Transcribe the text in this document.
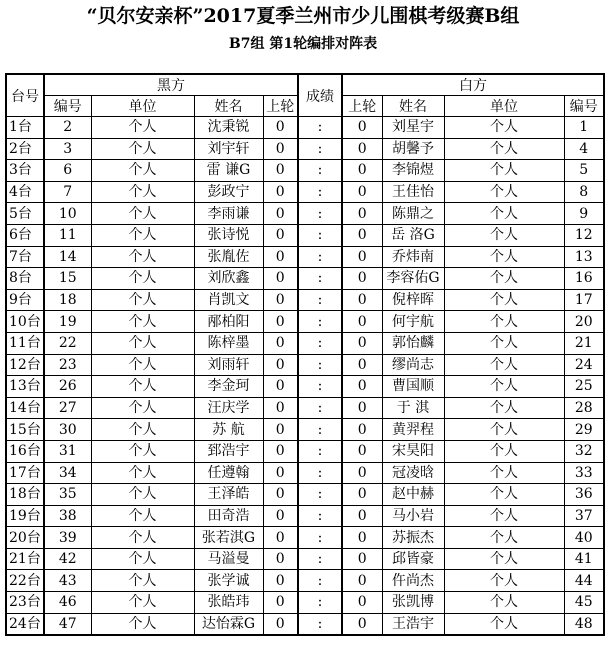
“贝尔安亲杯”2017夏季兰州市少儿围棋考级赛B组
B7组 第1轮编排对阵表
台号	黑方				成绩	白方			
	编号	单位	姓名	上轮		上轮	姓名	单位	编号
1台	2	个人	沈秉锐	0	:	0	刘星宇	个人	1
2台	3	个人	刘宇轩	0	:	0	胡馨予	个人	4
3台	6	个人	雷 谦G	0	:	0	李锦煜	个人	5
4台	7	个人	彭政宁	0	:	0	王佳怡	个人	8
5台	10	个人	李雨谦	0	:	0	陈鼎之	个人	9
6台	11	个人	张诗悦	0	:	0	岳 洛G	个人	12
7台	14	个人	张胤佐	0	:	0	乔炜南	个人	13
8台	15	个人	刘欣鑫	0	:	0	李容佑G	个人	16
9台	18	个人	肖凯文	0	:	0	倪梓晖	个人	17
10台	19	个人	邴柏阳	0	:	0	何宇航	个人	20
11台	22	个人	陈梓墨	0	:	0	郭怡麟	个人	21
12台	23	个人	刘雨轩	0	:	0	缪尚志	个人	24
13台	26	个人	李金珂	0	:	0	曹国顺	个人	25
14台	27	个人	汪庆学	0	:	0	于 淇	个人	28
15台	30	个人	苏 航	0	:	0	黄羿程	个人	29
16台	31	个人	郅浩宇	0	:	0	宋昊阳	个人	32
17台	34	个人	任遵翰	0	:	0	冠凌晗	个人	33
18台	35	个人	王泽皓	0	:	0	赵中赫	个人	36
19台	38	个人	田奇浩	0	:	0	马小岩	个人	37
20台	39	个人	张若淇G	0	:	0	苏振杰	个人	40
21台	42	个人	马溢曼	0	:	0	邱皆豪	个人	41
22台	43	个人	张学诚	0	:	0	仵尚杰	个人	44
23台	46	个人	张皓玮	0	:	0	张凯博	个人	45
24台	47	个人	达怡霖G	0	:	0	王浩宇	个人	48
